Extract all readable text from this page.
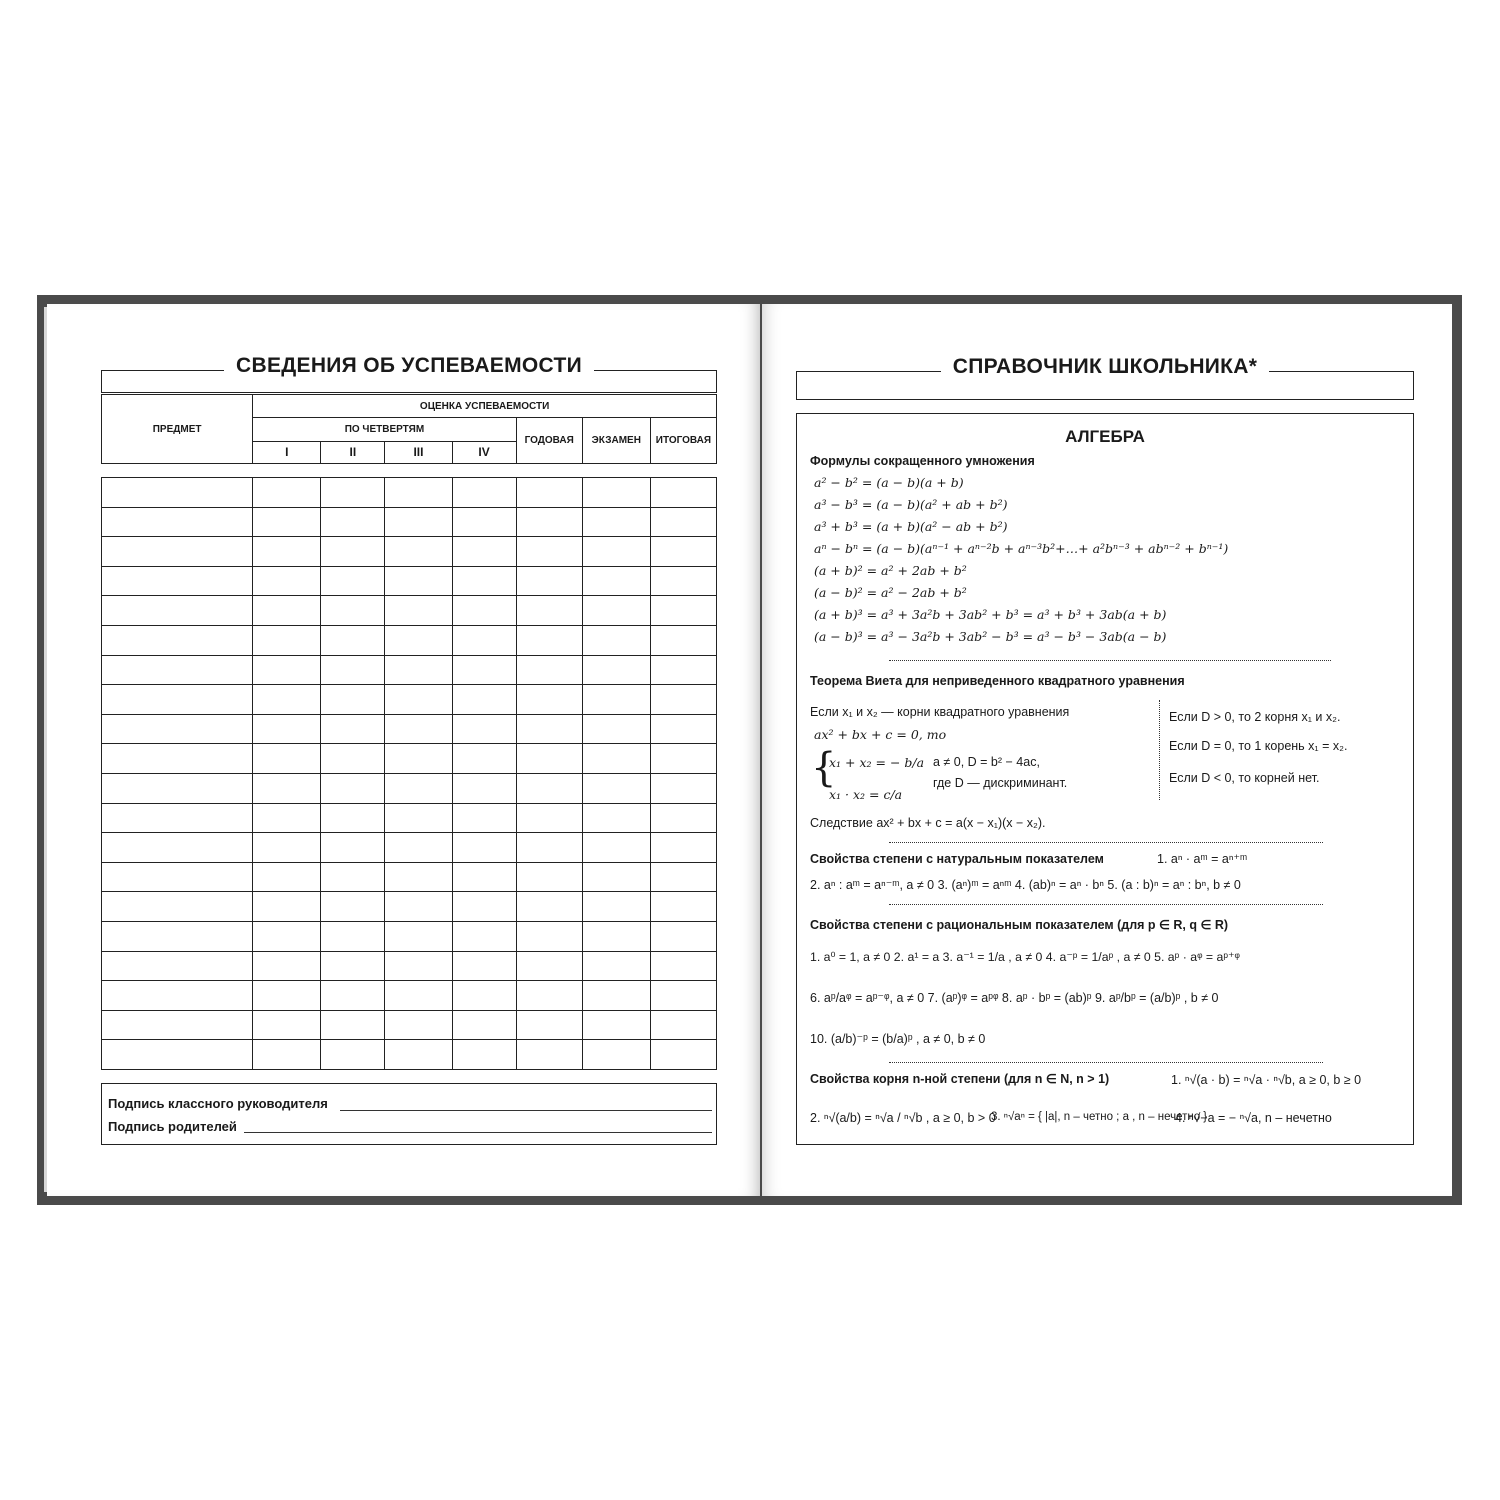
СВЕДЕНИЯ ОБ УСПЕВАЕМОСТИ
ПРЕДМЕТ	ОЦЕНКА УСПЕВАЕМОСТИ						
	ПО ЧЕТВЕРТЯМ				ГОДОВАЯ	ЭКЗАМЕН	ИТОГОВАЯ
	I	II	III	IV			

Подпись классного руководителя
Подпись родителей
СПРАВОЧНИК ШКОЛЬНИКА*
АЛГЕБРА
Формулы сокращенного умножения
a² − b² = (a − b)(a + b)
a³ − b³ = (a − b)(a² + ab + b²)
a³ + b³ = (a + b)(a² − ab + b²)
aⁿ − bⁿ = (a − b)(aⁿ⁻¹ + aⁿ⁻²b + aⁿ⁻³b²+…+ a²bⁿ⁻³ + abⁿ⁻² + bⁿ⁻¹)
(a + b)² = a² + 2ab + b²
(a − b)² = a² − 2ab + b²
(a + b)³ = a³ + 3a²b + 3ab² + b³ = a³ + b³ + 3ab(a + b)
(a − b)³ = a³ − 3a²b + 3ab² − b³ = a³ − b³ − 3ab(a − b)
Теорема Виета для неприведенного квадратного уравнения
Если x₁ и x₂ — корни квадратного уравнения
ax² + bx + c = 0, то
{
x₁ + x₂ = − b/a
x₁ · x₂ = c/a
a ≠ 0, D = b² − 4ac,
где D — дискриминант.
Если D > 0, то 2 корня x₁ и x₂.
Если D = 0, то 1 корень x₁ = x₂.
Если D < 0, то корней нет.
Следствие ax² + bx + c = a(x − x₁)(x − x₂).
Свойства степени с натуральным показателем	1. aⁿ · aᵐ = aⁿ⁺ᵐ
2. aⁿ : aᵐ = aⁿ⁻ᵐ, a ≠ 0 3. (aⁿ)ᵐ = aⁿᵐ 4. (ab)ⁿ = aⁿ · bⁿ 5. (a : b)ⁿ = aⁿ : bⁿ, b ≠ 0
Свойства степени с рациональным показателем (для p ∈ R, q ∈ R)
1. a⁰ = 1, a ≠ 0 2. a¹ = a 3. a⁻¹ = 1/a , a ≠ 0 4. a⁻ᵖ = 1/aᵖ , a ≠ 0 5. aᵖ · aᵠ = aᵖ⁺ᵠ
6. aᵖ/aᵠ = aᵖ⁻ᵠ, a ≠ 0 7. (aᵖ)ᵠ = aᵖᵠ 8. aᵖ · bᵖ = (ab)ᵖ 9. aᵖ/bᵖ = (a/b)ᵖ , b ≠ 0
10. (a/b)⁻ᵖ = (b/a)ᵖ , a ≠ 0, b ≠ 0
Свойства корня n-ной степени (для n ∈ N, n > 1)	1. ⁿ√(a · b) = ⁿ√a · ⁿ√b, a ≥ 0, b ≥ 0
2. ⁿ√(a/b) = ⁿ√a / ⁿ√b , a ≥ 0, b > 0
3. ⁿ√aⁿ = { |a|, n – четно ; a , n – нечетно }
4. ⁿ√−a = − ⁿ√a, n – нечетно
